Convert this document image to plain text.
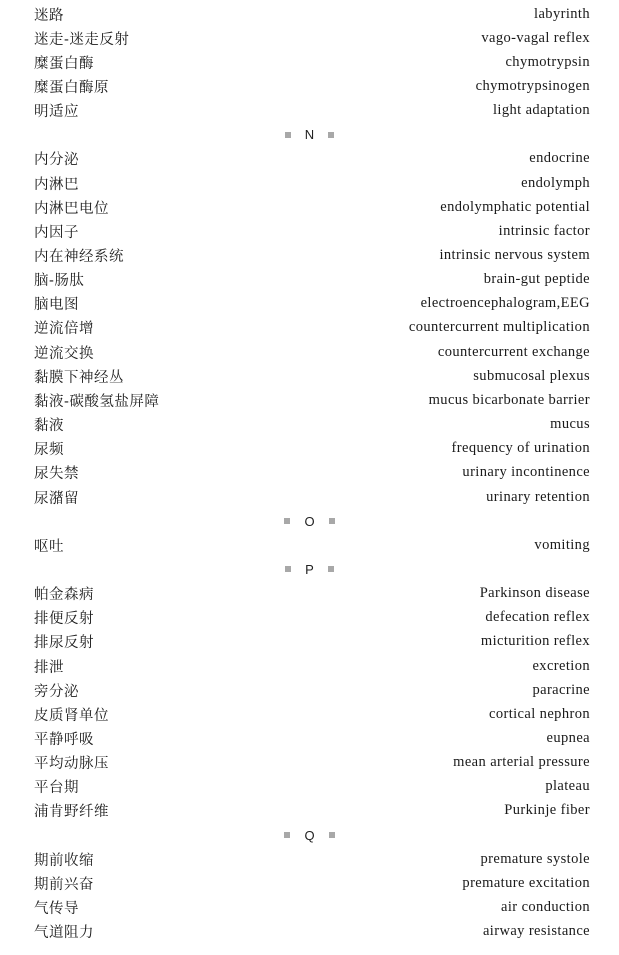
迷路	labyrinth
迷走-迷走反射	vago-vagal reflex
糜蛋白酶	chymotrypsin
糜蛋白酶原	chymotrypsinogen
明适应	light adaptation
N
内分泌	endocrine
内淋巴	endolymph
内淋巴电位	endolymphatic potential
内因子	intrinsic factor
内在神经系统	intrinsic nervous system
脑-肠肽	brain-gut peptide
脑电图	electroencephalogram,EEG
逆流倍增	countercurrent multiplication
逆流交换	countercurrent exchange
黏膜下神经丛	submucosal plexus
黏液-碳酸氢盐屏障	mucus bicarbonate barrier
黏液	mucus
尿频	frequency of urination
尿失禁	urinary incontinence
尿潴留	urinary retention
O
呕吐	vomiting
P
帕金森病	Parkinson disease
排便反射	defecation reflex
排尿反射	micturition reflex
排泄	excretion
旁分泌	paracrine
皮质肾单位	cortical nephron
平静呼吸	eupnea
平均动脉压	mean arterial pressure
平台期	plateau
浦肯野纤维	Purkinje fiber
Q
期前收缩	premature systole
期前兴奋	premature excitation
气传导	air conduction
气道阻力	airway resistance
